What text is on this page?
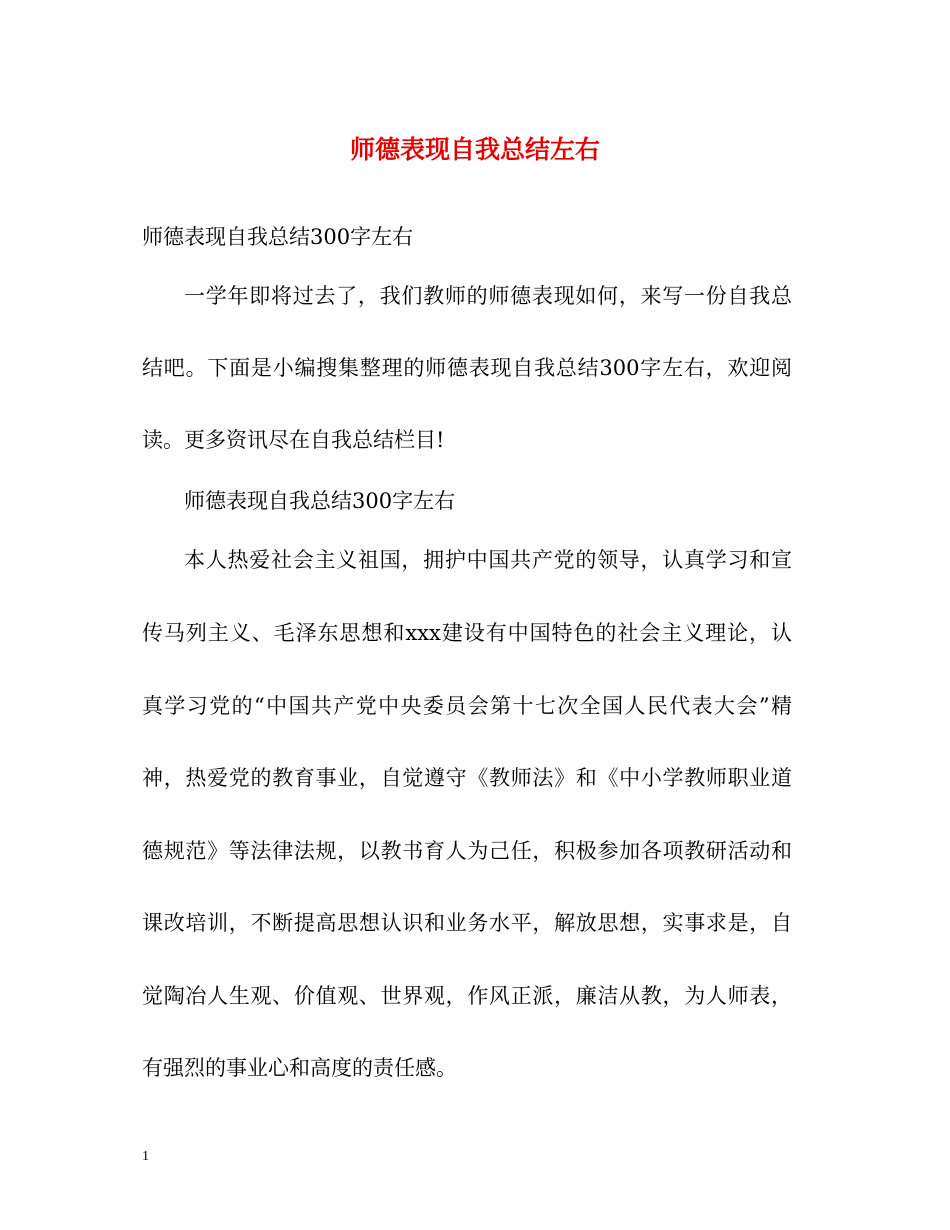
师德表现自我总结左右
师德表现自我总结300字左右
一学年即将过去了，我们教师的师德表现如何，来写一份自我总
结吧。下面是小编搜集整理的师德表现自我总结300字左右，欢迎阅
读。更多资讯尽在自我总结栏目!
师德表现自我总结300字左右
本人热爱社会主义祖国，拥护中国共产党的领导，认真学习和宣
传马列主义、毛泽东思想和xxx建设有中国特色的社会主义理论，认
真学习党的“中国共产党中央委员会第十七次全国人民代表大会”精
神，热爱党的教育事业，自觉遵守《教师法》和《中小学教师职业道
德规范》等法律法规，以教书育人为己任，积极参加各项教研活动和
课改培训，不断提高思想认识和业务水平，解放思想，实事求是，自
觉陶冶人生观、价值观、世界观，作风正派，廉洁从教，为人师表，
有强烈的事业心和高度的责任感。
1
